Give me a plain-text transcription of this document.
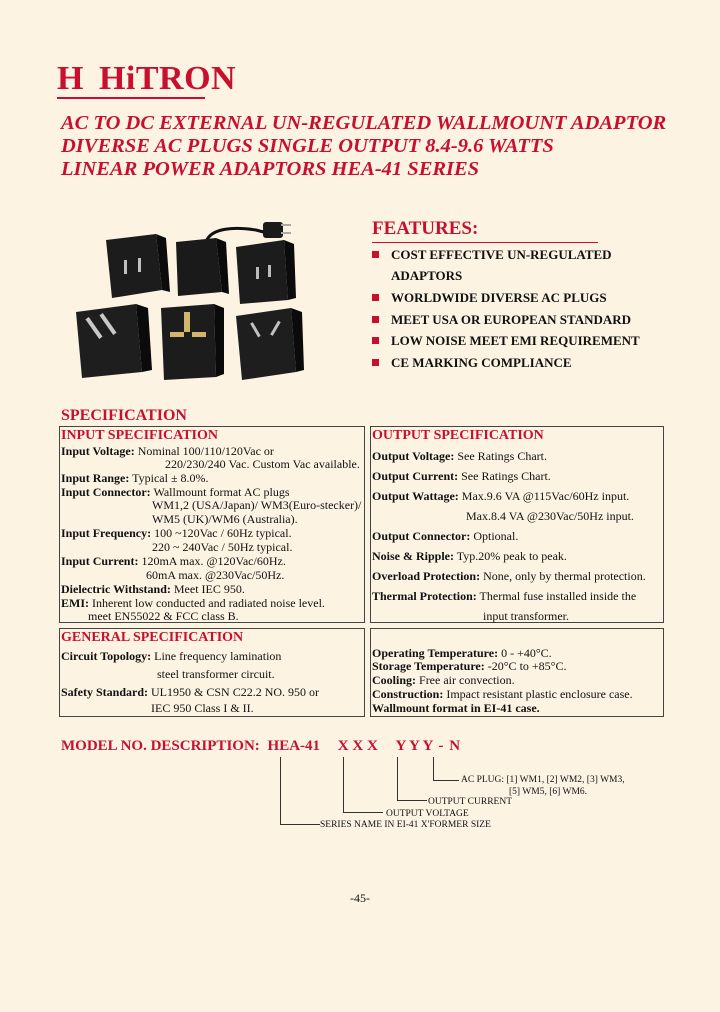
H HiTRON
AC TO DC EXTERNAL UN-REGULATED WALLMOUNT ADAPTOR
DIVERSE AC PLUGS SINGLE OUTPUT 8.4-9.6 WATTS
LINEAR POWER ADAPTORS HEA-41 SERIES
FEATURES:
COST EFFECTIVE UN-REGULATED
ADAPTORS
WORLDWIDE DIVERSE AC PLUGS
MEET USA OR EUROPEAN STANDARD
LOW NOISE MEET EMI REQUIREMENT
CE MARKING COMPLIANCE
SPECIFICATION
INPUT SPECIFICATION
Input Voltage: Nominal 100/110/120Vac or
220/230/240 Vac. Custom Vac available.
Input Range: Typical ± 8.0%.
Input Connector: Wallmount format AC plugs
WM1,2 (USA/Japan)/ WM3(Euro-stecker)/
WM5 (UK)/WM6 (Australia).
Input Frequency: 100 ~120Vac / 60Hz typical.
220 ~ 240Vac / 50Hz typical.
Input Current: 120mA max. @120Vac/60Hz.
60mA max. @230Vac/50Hz.
Dielectric Withstand: Meet IEC 950.
EMI: Inherent low conducted and radiated noise level.
meet EN55022 & FCC class B.
OUTPUT SPECIFICATION
Output Voltage: See Ratings Chart.
Output Current: See Ratings Chart.
Output Wattage: Max.9.6 VA @115Vac/60Hz input.
Max.8.4 VA @230Vac/50Hz input.
Output Connector: Optional.
Noise & Ripple: Typ.20% peak to peak.
Overload Protection: None, only by thermal protection.
Thermal Protection: Thermal fuse installed inside the
input transformer.
GENERAL SPECIFICATION
Circuit Topology: Line frequency lamination
steel transformer circuit.
Safety Standard: UL1950 & CSN C22.2 NO. 950 or
IEC 950 Class I & II.
Operating Temperature: 0 - +40°C.
Storage Temperature: -20°C to +85°C.
Cooling: Free air convection.
Construction: Impact resistant plastic enclosure case.
Wallmount format in EI-41 case.
MODEL NO. DESCRIPTION: HEA-41 X X X Y Y Y - N
AC PLUG: [1] WM1, [2] WM2, [3] WM3,
[5] WM5, [6] WM6.
OUTPUT CURRENT
OUTPUT VOLTAGE
SERIES NAME IN EI-41 X'FORMER SIZE
-45-
